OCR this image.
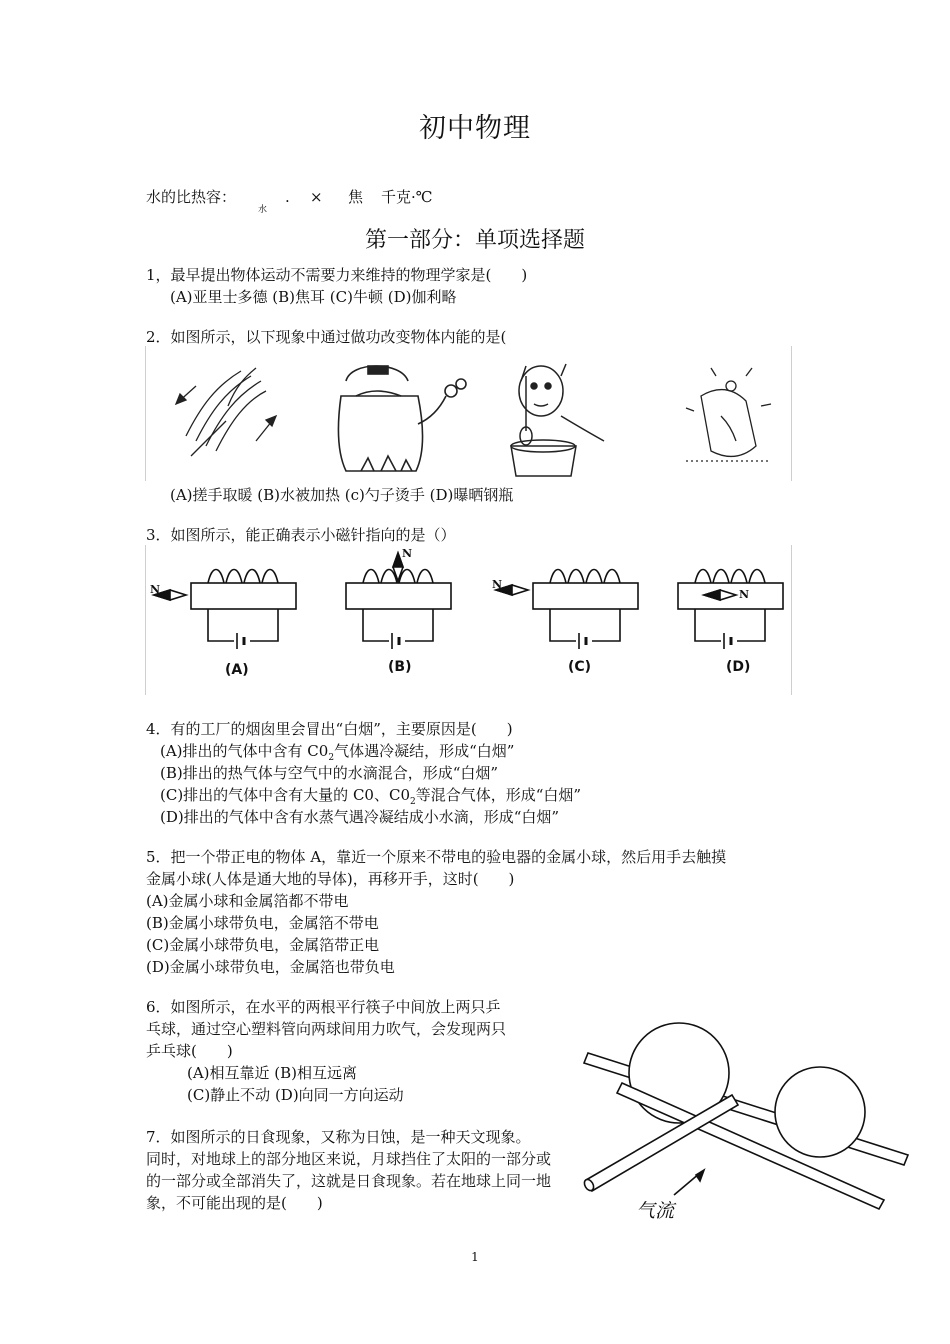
初中物理
水的比热容：
水
. × 焦 千克·℃
第一部分：单项选择题
1，最早提出物体运动不需要力来维持的物理学家是(　　)
(A)亚里士多德 (B)焦耳 (C)牛顿 (D)伽利略
2．如图所示，以下现象中通过做功改变物体内能的是(
(A)搓手取暖 (B)水被加热 (c)勺子烫手 (D)曝晒钢瓶
3．如图所示，能正确表示小磁针指向的是（）
N
N
N
N
(A)	(B)	(C)	(D)
4．有的工厂的烟囱里会冒出“白烟”，主要原因是(　　)
(A)排出的气体中含有 $C0_2$气体遇冷凝结，形成“白烟”
(B)排出的热气体与空气中的水滴混合，形成“白烟”
(C)排出的气体中含有大量的 C0、$C0_2$等混合气体，形成“白烟”
(D)排出的气体中含有水蒸气遇冷凝结成小水滴，形成“白烟”
5．把一个带正电的物体 A，靠近一个原来不带电的验电器的金属小球，然后用手去触摸
金属小球(人体是通大地的导体)，再移开手，这时(　　)
(A)金属小球和金属箔都不带电
(B)金属小球带负电，金属箔不带电
(C)金属小球带负电，金属箔带正电
(D)金属小球带负电，金属箔也带负电
6．如图所示，在水平的两根平行筷子中间放上两只乒
乓球，通过空心塑料管向两球间用力吹气，会发现两只
乒乓球(　　)
(A)相互靠近 (B)相互远离
(C)静止不动 (D)向同一方向运动
气流
7．如图所示的日食现象，又称为日蚀，是一种天文现象。
同时，对地球上的部分地区来说，月球挡住了太阳的一部分或
的一部分或全部消失了，这就是日食现象。若在地球上同一地
象，不可能出现的是(　　)
1
